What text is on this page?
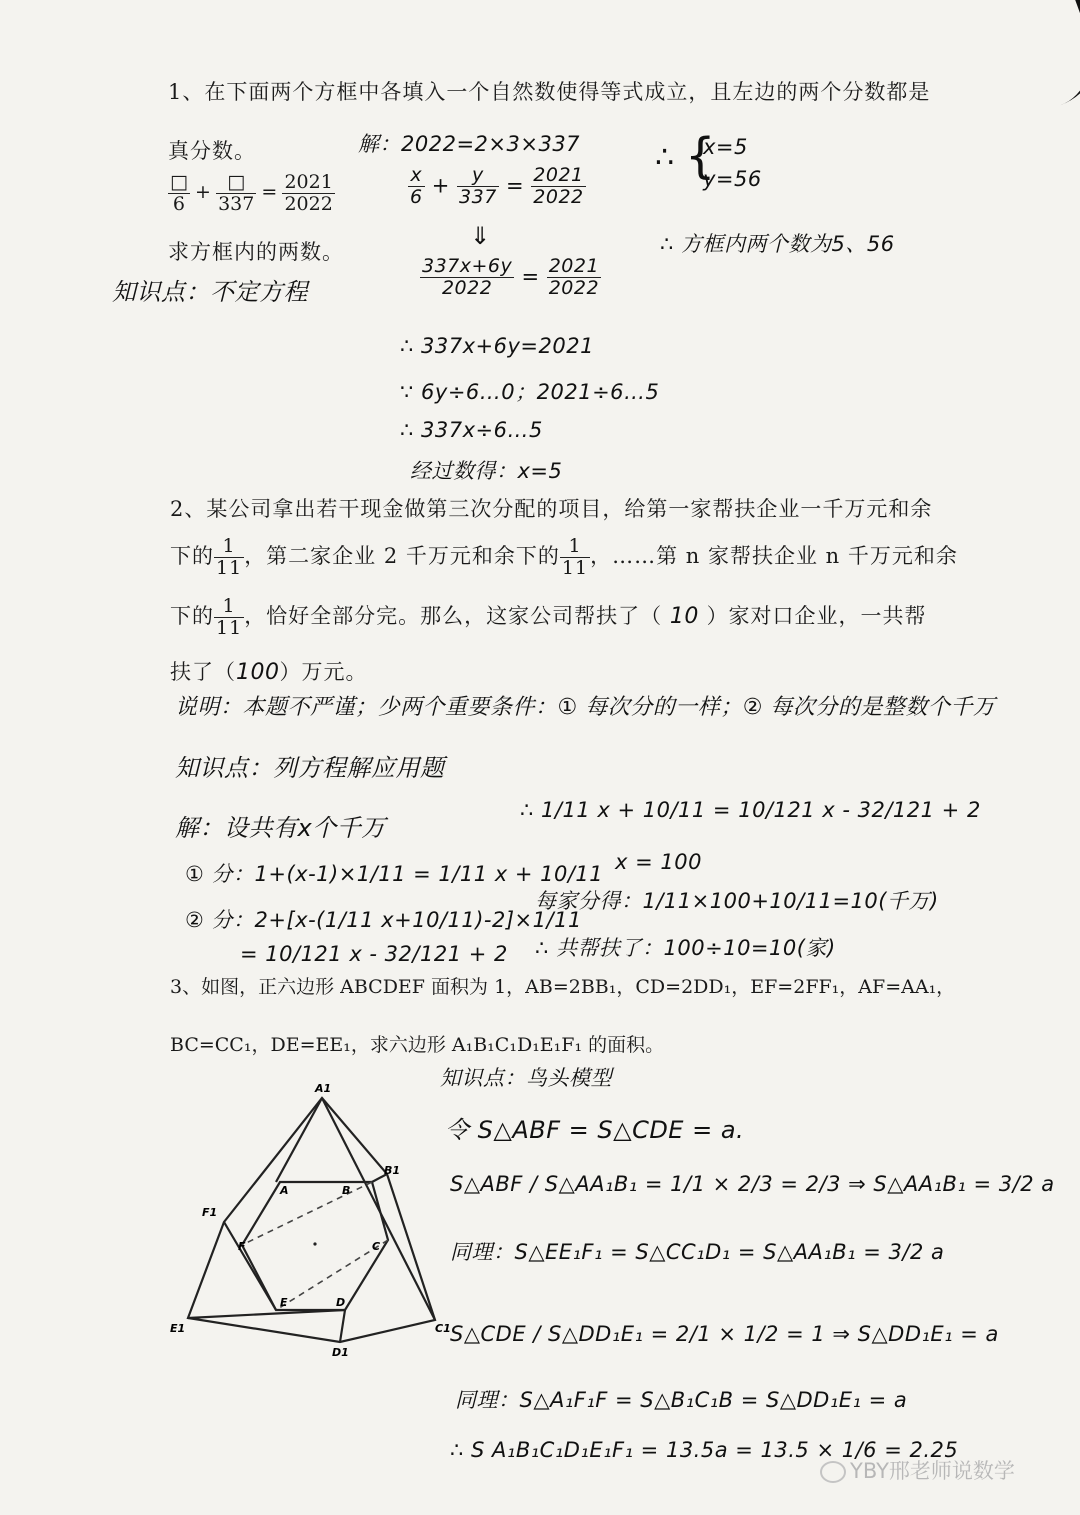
1、在下面两个方框中各填入一个自然数使得等式成立，且左边的两个分数都是
真分数。
$\frac{□}{6} + \frac{□}{337} = \frac{2021}{2022}$
求方框内的两数。
知识点：不定方程
解：2022=2×3×337
$\frac{x}{6} + \frac{y}{337} = \frac{2021}{2022}$
⇓
$\frac{337x+6y}{2022} = \frac{2021}{2022}$
∴ 337x+6y=2021
∵ 6y÷6…0；2021÷6…5
∴ 337x÷6…5
经过数得：x=5
∴ {
x=5
y=56
∴ 方框内两个数为5、56
2、某公司拿出若干现金做第三次分配的项目，给第一家帮扶企业一千万元和余
下的 $\frac{1}{11}$ ，第二家企业 2 千万元和余下的 $\frac{1}{11}$ ，……第 n 家帮扶企业 n 千万元和余
下的 $\frac{1}{11}$ ，恰好全部分完。那么，这家公司帮扶了（ 10 ）家对口企业，一共帮
扶了（100）万元。
说明：本题不严谨；少两个重要条件：① 每次分的一样；② 每次分的是整数个千万
知识点：列方程解应用题
解：设共有x个千万
① 分：1+(x-1)×1/11 = 1/11 x + 10/11
② 分：2+[x-(1/11 x+10/11)-2]×1/11
= 10/121 x - 32/121 + 2
∴ 1/11 x + 10/11 = 10/121 x - 32/121 + 2
x = 100
每家分得：1/11×100+10/11=10(千万)
∴ 共帮扶了：100÷10=10(家)
3、如图，正六边形 ABCDEF 面积为 1，AB=2BB₁，CD=2DD₁，EF=2FF₁，AF=AA₁，
BC=CC₁，DE=EE₁，求六边形 A₁B₁C₁D₁E₁F₁ 的面积。
A1
B1
C1
D1
E1
F1
A	B
C
D
E
F
知识点：鸟头模型
令 S△ABF = S△CDE = a.
S△ABF / S△AA₁B₁ = 1/1 × 2/3 = 2/3 ⇒ S△AA₁B₁ = 3/2 a
同理：S△EE₁F₁ = S△CC₁D₁ = S△AA₁B₁ = 3/2 a
S△CDE / S△DD₁E₁ = 2/1 × 1/2 = 1 ⇒ S△DD₁E₁ = a
同理：S△A₁F₁F = S△B₁C₁B = S△DD₁E₁ = a
∴ S A₁B₁C₁D₁E₁F₁ = 13.5a = 13.5 × 1/6 = 2.25
YBY邢老师说数学
